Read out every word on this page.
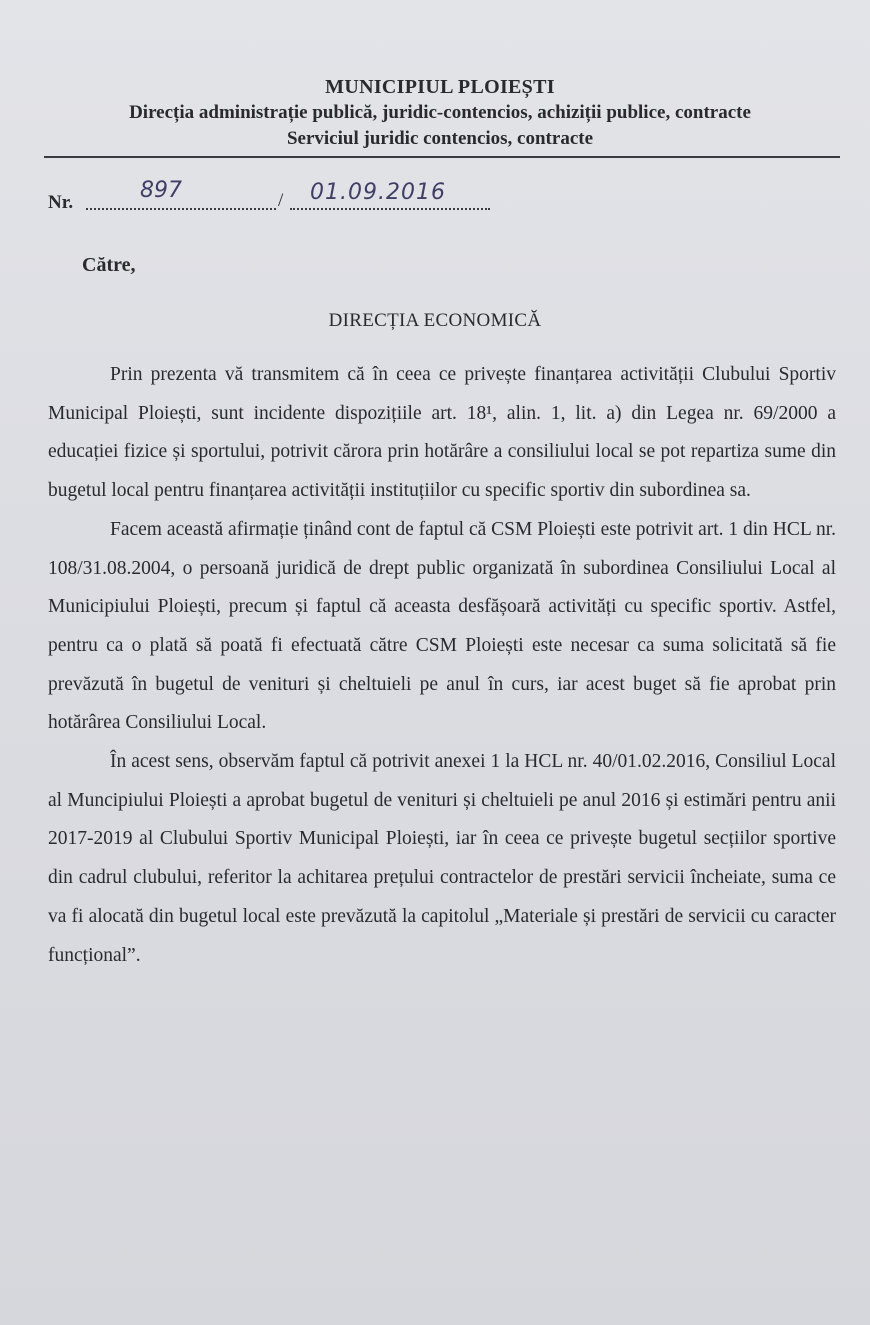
MUNICIPIUL PLOIEȘTI
Direcția administrație publică, juridic-contencios, achiziții publice, contracte
Serviciul juridic contencios, contracte
Nr.	897	/ 01.09.2016
Către,
DIRECȚIA ECONOMICĂ

Prin prezenta vă transmitem că în ceea ce privește finanțarea activității Clubului Sportiv Municipal Ploiești, sunt incidente dispozițiile art. 18¹, alin. 1, lit. a) din Legea nr. 69/2000 a educației fizice și sportului, potrivit cărora prin hotărâre a consiliului local se pot repartiza sume din bugetul local pentru finanțarea activității instituțiilor cu specific sportiv din subordinea sa.

Facem această afirmație ținând cont de faptul că CSM Ploiești este potrivit art. 1 din HCL nr. 108/31.08.2004, o persoană juridică de drept public organizată în subordinea Consiliului Local al Municipiului Ploiești, precum și faptul că aceasta desfășoară activități cu specific sportiv. Astfel, pentru ca o plată să poată fi efectuată către CSM Ploiești este necesar ca suma solicitată să fie prevăzută în bugetul de venituri și cheltuieli pe anul în curs, iar acest buget să fie aprobat prin hotărârea Consiliului Local.

În acest sens, observăm faptul că potrivit anexei 1 la HCL nr. 40/01.02.2016, Consiliul Local al Muncipiului Ploiești a aprobat bugetul de venituri și cheltuieli pe anul 2016 și estimări pentru anii 2017-2019 al Clubului Sportiv Municipal Ploiești, iar în ceea ce privește bugetul secțiilor sportive din cadrul clubului, referitor la achitarea prețului contractelor de prestări servicii încheiate, suma ce va fi alocată din bugetul local este prevăzută la capitolul „Materiale și prestări de servicii cu caracter funcțional”.
